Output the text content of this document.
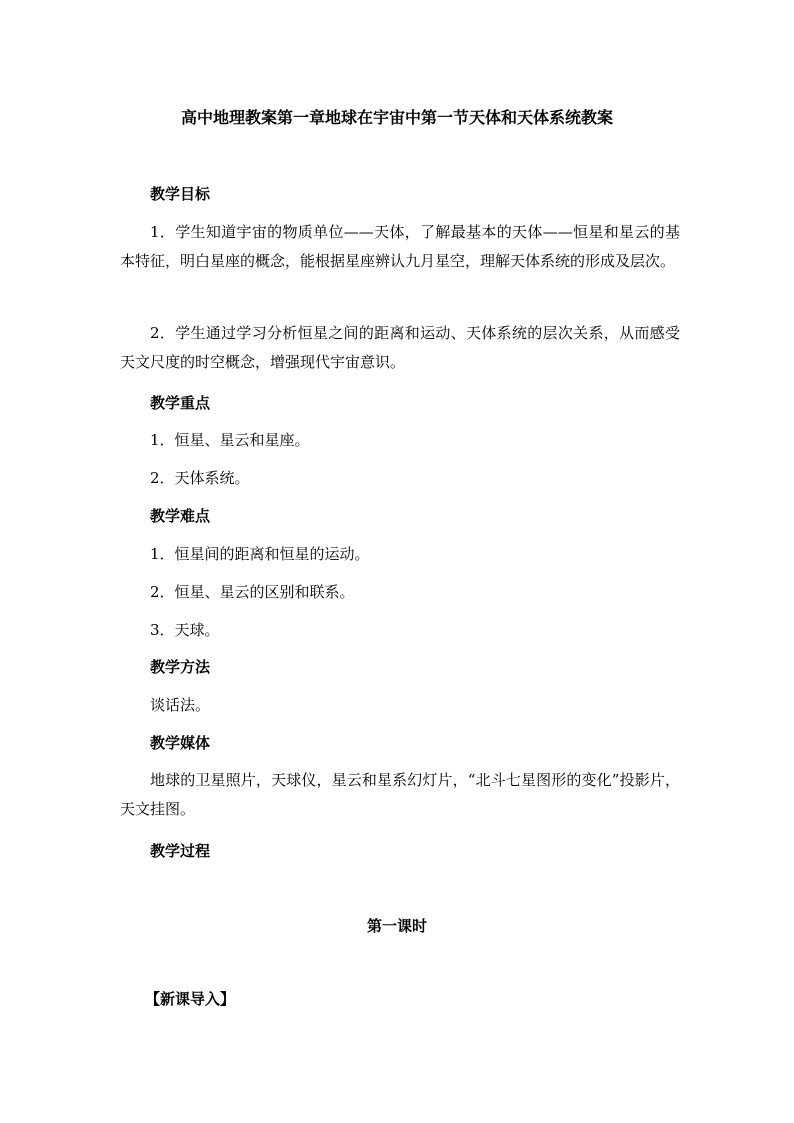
高中地理教案第一章地球在宇宙中第一节天体和天体系统教案
教学目标
1．学生知道宇宙的物质单位——天体，了解最基本的天体——恒星和星云的基本特征，明白星座的概念，能根据星座辨认九月星空，理解天体系统的形成及层次。
2．学生通过学习分析恒星之间的距离和运动、天体系统的层次关系，从而感受天文尺度的时空概念，增强现代宇宙意识。
教学重点
1．恒星、星云和星座。
2．天体系统。
教学难点
1．恒星间的距离和恒星的运动。
2．恒星、星云的区别和联系。
3．天球。
教学方法
谈话法。
教学媒体
地球的卫星照片，天球仪，星云和星系幻灯片，“北斗七星图形的变化”投影片，天文挂图。
教学过程
第一课时
【新课导入】
